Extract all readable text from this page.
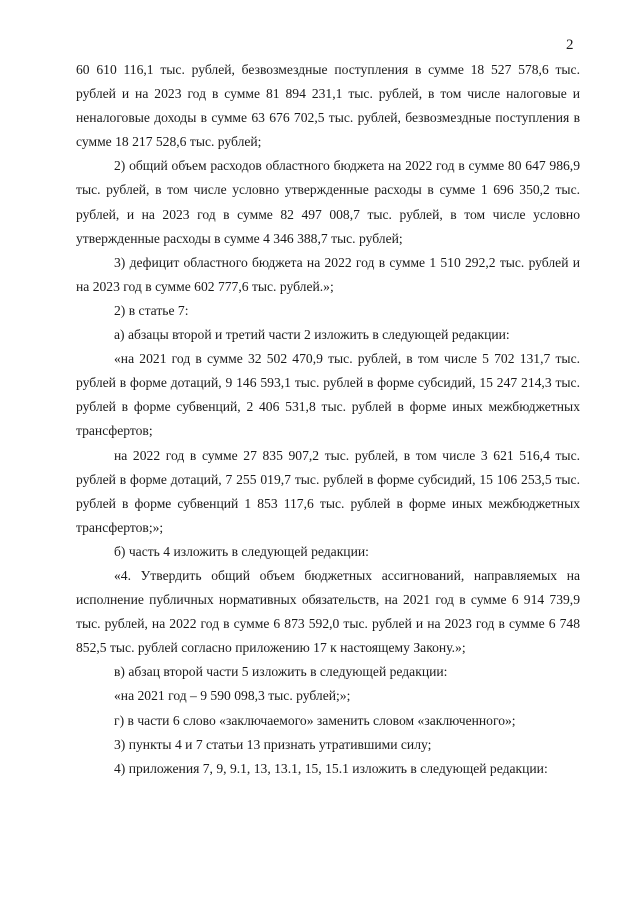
2

60 610 116,1 тыс. рублей, безвозмездные поступления в сумме 18 527 578,6 тыс. рублей и на 2023 год в сумме 81 894 231,1 тыс. рублей, в том числе налоговые и неналоговые доходы в сумме 63 676 702,5 тыс. рублей, безвозмездные поступления в сумме 18 217 528,6 тыс. рублей;

2) общий объем расходов областного бюджета на 2022 год в сумме 80 647 986,9 тыс. рублей, в том числе условно утвержденные расходы в сумме 1 696 350,2 тыс. рублей, и на 2023 год в сумме 82 497 008,7 тыс. рублей, в том числе условно утвержденные расходы в сумме 4 346 388,7 тыс. рублей;

3) дефицит областного бюджета на 2022 год в сумме 1 510 292,2 тыс. рублей и на 2023 год в сумме 602 777,6 тыс. рублей.»;

2) в статье 7:

а) абзацы второй и третий части 2 изложить в следующей редакции:

«на 2021 год в сумме 32 502 470,9 тыс. рублей, в том числе 5 702 131,7 тыс. рублей в форме дотаций, 9 146 593,1 тыс. рублей в форме субсидий, 15 247 214,3 тыс. рублей в форме субвенций, 2 406 531,8 тыс. рублей в форме иных межбюджетных трансфертов;

на 2022 год в сумме 27 835 907,2 тыс. рублей, в том числе 3 621 516,4 тыс. рублей в форме дотаций, 7 255 019,7 тыс. рублей в форме субсидий, 15 106 253,5 тыс. рублей в форме субвенций 1 853 117,6 тыс. рублей в форме иных межбюджетных трансфертов;»;

б) часть 4 изложить в следующей редакции:

«4. Утвердить общий объем бюджетных ассигнований, направляемых на исполнение публичных нормативных обязательств, на 2021 год в сумме 6 914 739,9 тыс. рублей, на 2022 год в сумме 6 873 592,0 тыс. рублей и на 2023 год в сумме 6 748 852,5 тыс. рублей согласно приложению 17 к настоящему Закону.»;

в) абзац второй части 5 изложить в следующей редакции:

«на 2021 год – 9 590 098,3 тыс. рублей;»;

г) в части 6 слово «заключаемого» заменить словом «заключенного»;

3) пункты 4 и 7 статьи 13 признать утратившими силу;

4) приложения 7, 9, 9.1, 13, 13.1, 15, 15.1 изложить в следующей редакции:
